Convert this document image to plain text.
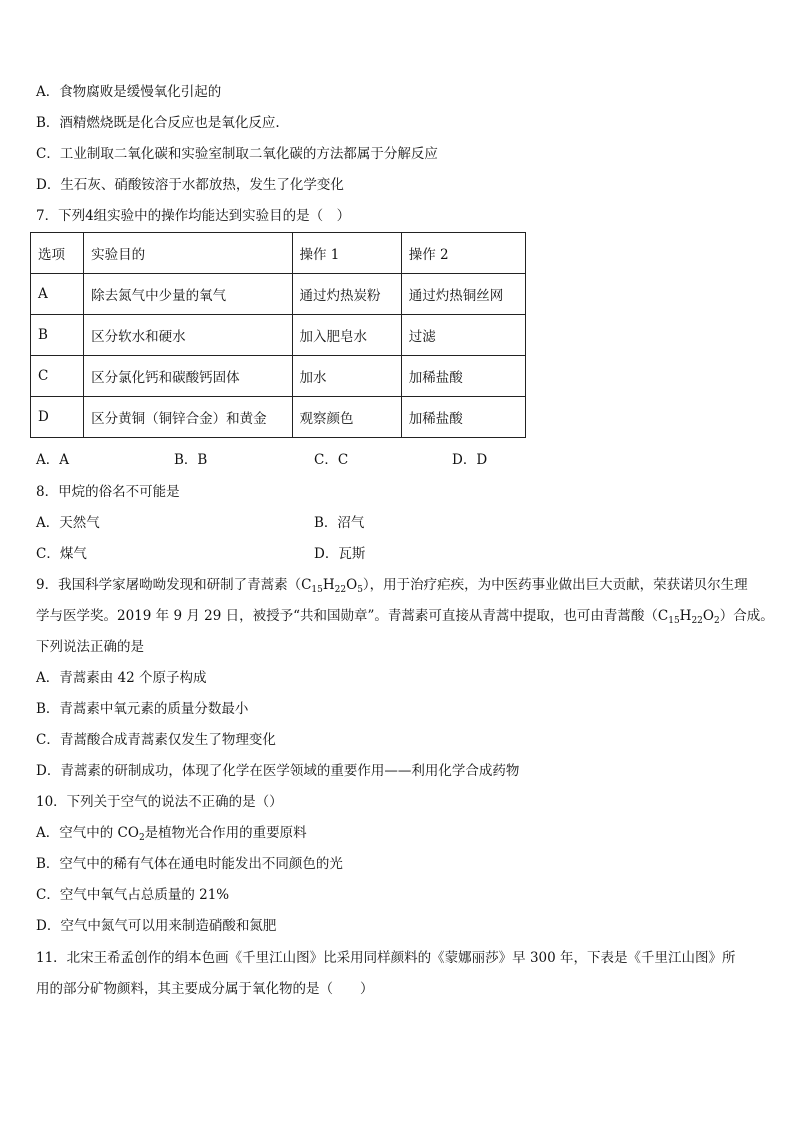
A．食物腐败是缓慢氧化引起的
B．酒精燃烧既是化合反应也是氧化反应.
C．工业制取二氧化碳和实验室制取二氧化碳的方法都属于分解反应
D．生石灰、硝酸铵溶于水都放热，发生了化学变化
7．下列4组实验中的操作均能达到实验目的是（　）
选项	实验目的	操作 1	操作 2
A	除去氮气中少量的氧气	通过灼热炭粉	通过灼热铜丝网
B	区分软水和硬水	加入肥皂水	过滤
C	区分氯化钙和碳酸钙固体	加水	加稀盐酸
D	区分黄铜（铜锌合金）和黄金	观察颜色	加稀盐酸
A．A	B．B	C．C	D．D
8．甲烷的俗名不可能是
A．天然气	B．沼气
C．煤气	D．瓦斯
9．我国科学家屠呦呦发现和研制了青蒿素$(C_{15}H_{22}O_5)$，用于治疗疟疾，为中医药事业做出巨大贡献，荣获诺贝尔生理
学与医学奖。2019 年 9 月 29 日，被授予“共和国勋章”。青蒿素可直接从青蒿中提取，也可由青蒿酸$(C_{15}H_{22}O_2)$合成。
下列说法正确的是
A．青蒿素由 42 个原子构成
B．青蒿素中氧元素的质量分数最小
C．青蒿酸合成青蒿素仅发生了物理变化
D．青蒿素的研制成功，体现了化学在医学领域的重要作用——利用化学合成药物
10．下列关于空气的说法不正确的是（）
A．空气中的 $CO_2$是植物光合作用的重要原料
B．空气中的稀有气体在通电时能发出不同颜色的光
C．空气中氧气占总质量的 21%
D．空气中氮气可以用来制造硝酸和氮肥
11．北宋王希孟创作的绢本色画《千里江山图》比采用同样颜料的《蒙娜丽莎》早 300 年，下表是《千里江山图》所
用的部分矿物颜料，其主要成分属于氧化物的是（　　）
